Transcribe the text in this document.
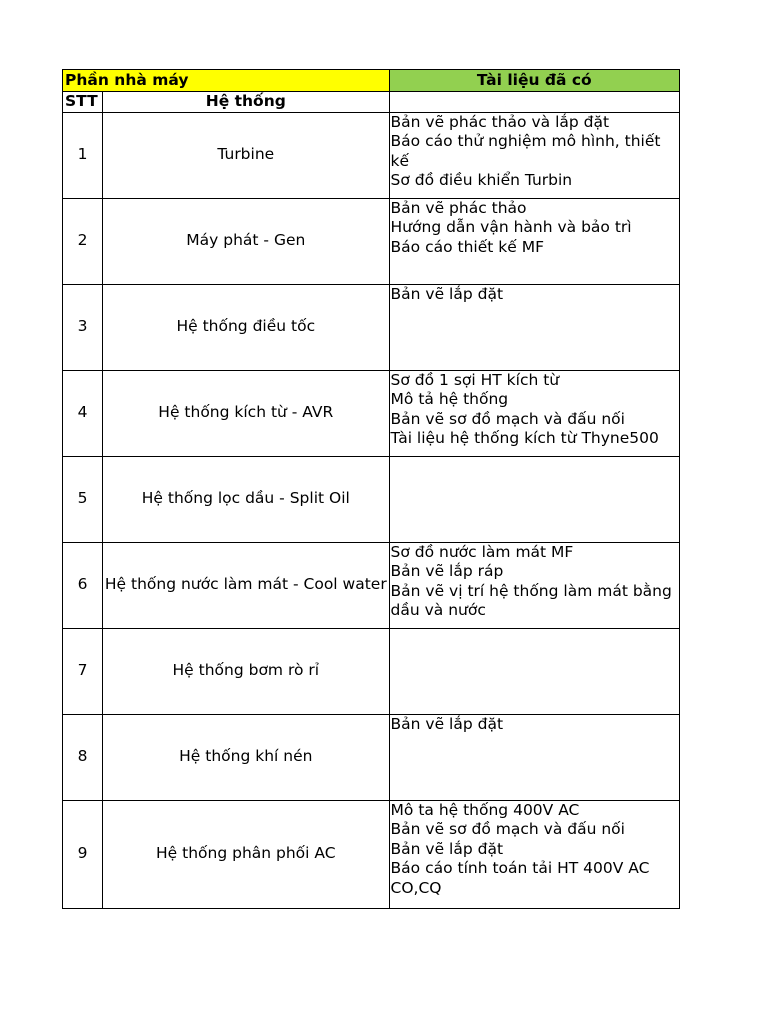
Phần nhà máy		Tài liệu đã có
STT	Hệ thống	
1	Turbine	Bản vẽ phác thảo và lắp đặt
Báo cáo thử nghiệm mô hình, thiết kế
Sơ đồ điều khiển Turbin

2	Máy phát - Gen	Bản vẽ phác thảo
Hướng dẫn vận hành và bảo trì
Báo cáo thiết kế MF

3	Hệ thống điều tốc	Bản vẽ lắp đặt

4	Hệ thống kích từ - AVR	Sơ đồ 1 sợi HT kích từ
Mô tả hệ thống
Bản vẽ sơ đồ mạch và đấu nối
Tài liệu hệ thống kích từ Thyne500

5	Hệ thống lọc dầu - Split Oil	
6	Hệ thống nước làm mát - Cool water	Sơ đồ nước làm mát MF
Bản vẽ lắp ráp
Bản vẽ vị trí hệ thống làm mát bằng dầu và nước

7	Hệ thống bơm rò rỉ	
8	Hệ thống khí nén	Bản vẽ lắp đặt

9	Hệ thống phân phối AC	Mô ta hệ thống 400V AC
Bản vẽ sơ đồ mạch và đấu nối
Bản vẽ lắp đặt
Báo cáo tính toán tải HT 400V AC
CO,CQ
